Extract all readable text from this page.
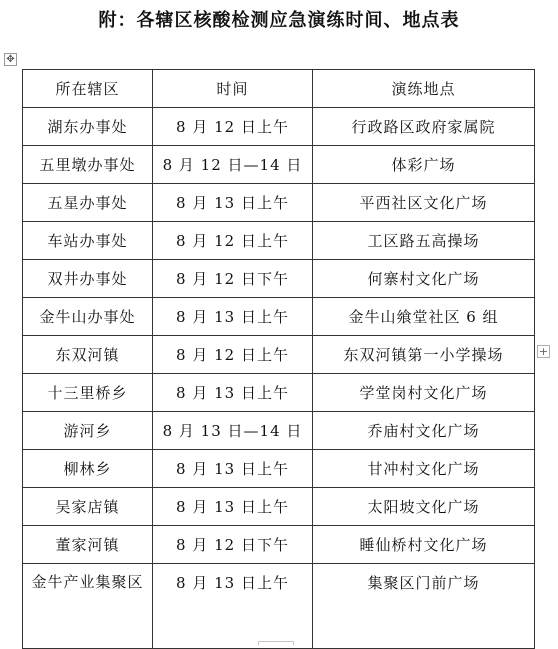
附：各辖区核酸检测应急演练时间、地点表
✥
所在辖区	时间	演练地点
湖东办事处	8 月 12 日上午	行政路区政府家属院
五里墩办事处	8 月 12 日—14 日	体彩广场
五星办事处	8 月 13 日上午	平西社区文化广场
车站办事处	8 月 12 日上午	工区路五高操场
双井办事处	8 月 12 日下午	何寨村文化广场
金牛山办事处	8 月 13 日上午	金牛山飨堂社区 6 组
东双河镇	8 月 12 日上午	东双河镇第一小学操场
十三里桥乡	8 月 13 日上午	学堂岗村文化广场
游河乡	8 月 13 日—14 日	乔庙村文化广场
柳林乡	8 月 13 日上午	甘冲村文化广场
吴家店镇	8 月 13 日上午	太阳坡文化广场
董家河镇	8 月 12 日下午	睡仙桥村文化广场
金牛产业集聚区	8 月 13 日上午	集聚区门前广场
+
